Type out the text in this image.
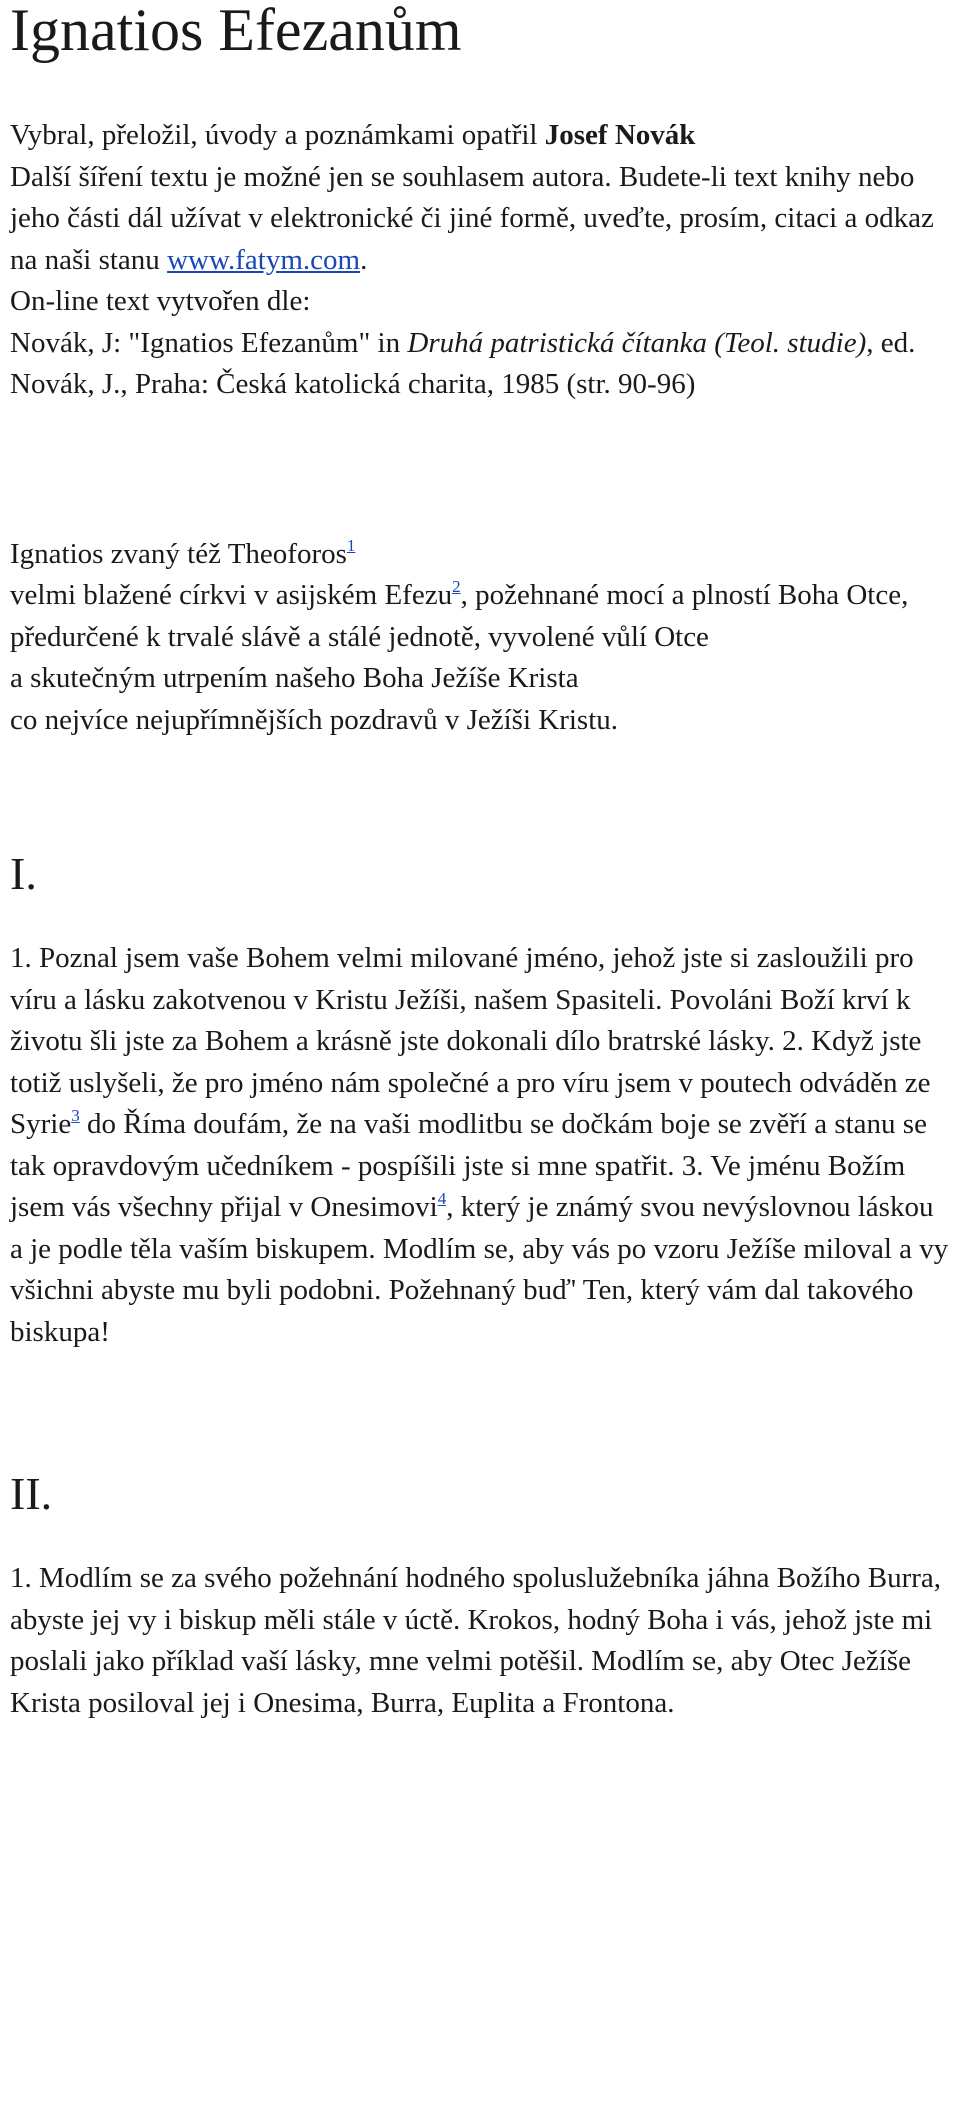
Ignatios Efezanům
Vybral, přeložil, úvody a poznámkami opatřil Josef Novák
Další šíření textu je možné jen se souhlasem autora. Budete-li text knihy nebo jeho části dál užívat v elektronické či jiné formě, uveďte, prosím, citaci a odkaz na naši stanu www.fatym.com.
On-line text vytvořen dle:
Novák, J: "Ignatios Efezanům" in Druhá patristická čítanka (Teol. studie), ed. Novák, J., Praha: Česká katolická charita, 1985 (str. 90-96)
Ignatios zvaný též Theoforos$^1$
velmi blažené církvi v asijském Efezu$^2$, požehnané mocí a plností Boha Otce, předurčené k trvalé slávě a stálé jednotě, vyvolené vůlí Otce
a skutečným utrpením našeho Boha Ježíše Krista
co nejvíce nejupřímnějších pozdravů v Ježíši Kristu.
I.
1. Poznal jsem vaše Bohem velmi milované jméno, jehož jste si zasloužili pro víru a lásku zakotvenou v Kristu Ježíši, našem Spasiteli. Povoláni Boží krví k životu šli jste za Bohem a krásně jste dokonali dílo bratrské lásky. 2. Když jste totiž uslyšeli, že pro jméno nám společné a pro víru jsem v poutech odváděn ze Syrie$^3$ do Říma doufám, že na vaši modlitbu se dočkám boje se zvěří a stanu se tak opravdovým učedníkem - pospíšili jste si mne spatřit. 3. Ve jménu Božím jsem vás všechny přijal v Onesimovi$^4$, který je známý svou nevýslovnou láskou a je podle těla vaším biskupem. Modlím se, aby vás po vzoru Ježíše miloval a vy všichni abyste mu byli podobni. Požehnaný buď' Ten, který vám dal takového biskupa!
II.
1. Modlím se za svého požehnání hodného spoluslužebníka jáhna Božího Burra, abyste jej vy i biskup měli stále v úctě. Krokos, hodný Boha i vás, jehož jste mi poslali jako příklad vaší lásky, mne velmi potěšil. Modlím se, aby Otec Ježíše Krista posiloval jej i Onesima, Burra, Euplita a Frontona.
